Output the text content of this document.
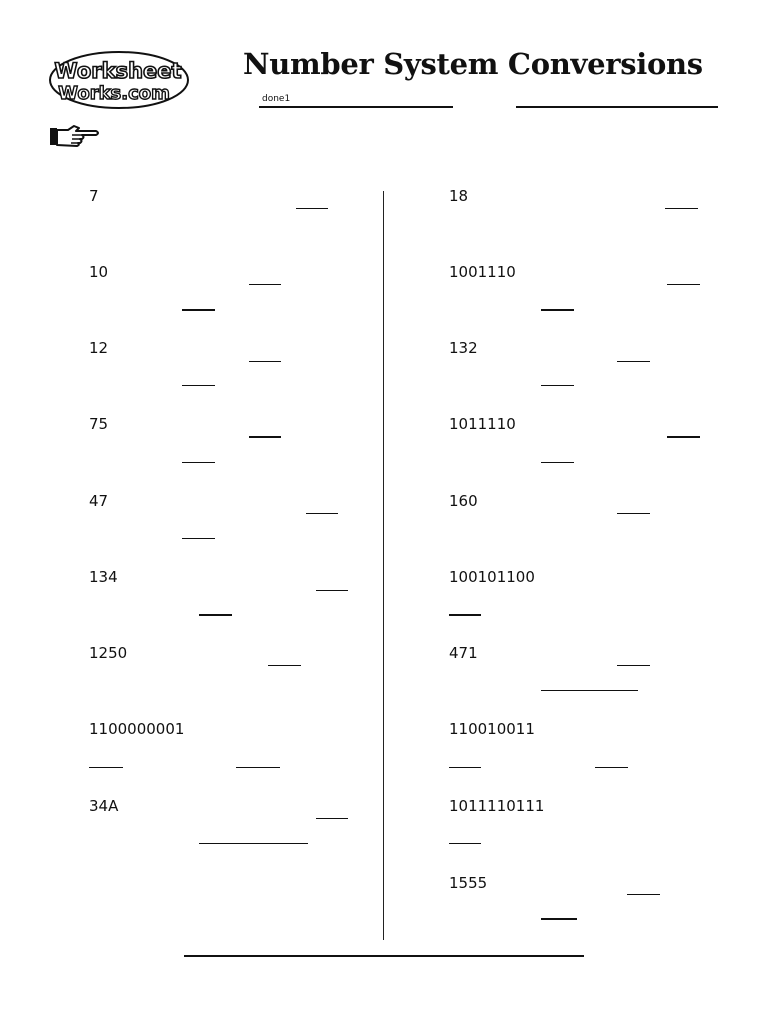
Worksheet
Works.com
Number System Conversions
done1
7
10
12
75
47
134
1250
1100000001
34A
18
1001110
132
1011110
160
100101100
471
110010011
1011110111
1555
